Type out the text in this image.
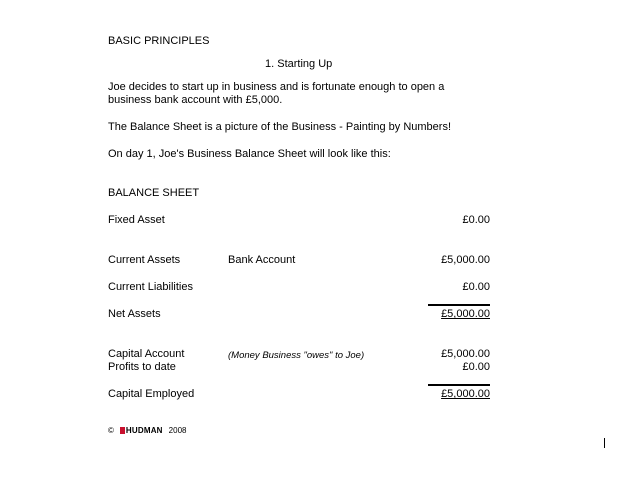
BASIC PRINCIPLES
1. Starting Up
Joe decides to start up in business and is fortunate enough to open a
business bank account with £5,000.
The Balance Sheet is a picture of the Business - Painting by Numbers!
On day 1, Joe's Business Balance Sheet will look like this:
BALANCE SHEET
Fixed Asset	£0.00
Current Assets	Bank Account	£5,000.00
Current Liabilities	£0.00
Net Assets	£5,000.00
Capital Account	(Money Business "owes" to Joe)	£5,000.00
Profits to date	£0.00
Capital Employed	£5,000.00
© HUDMAN 2008
